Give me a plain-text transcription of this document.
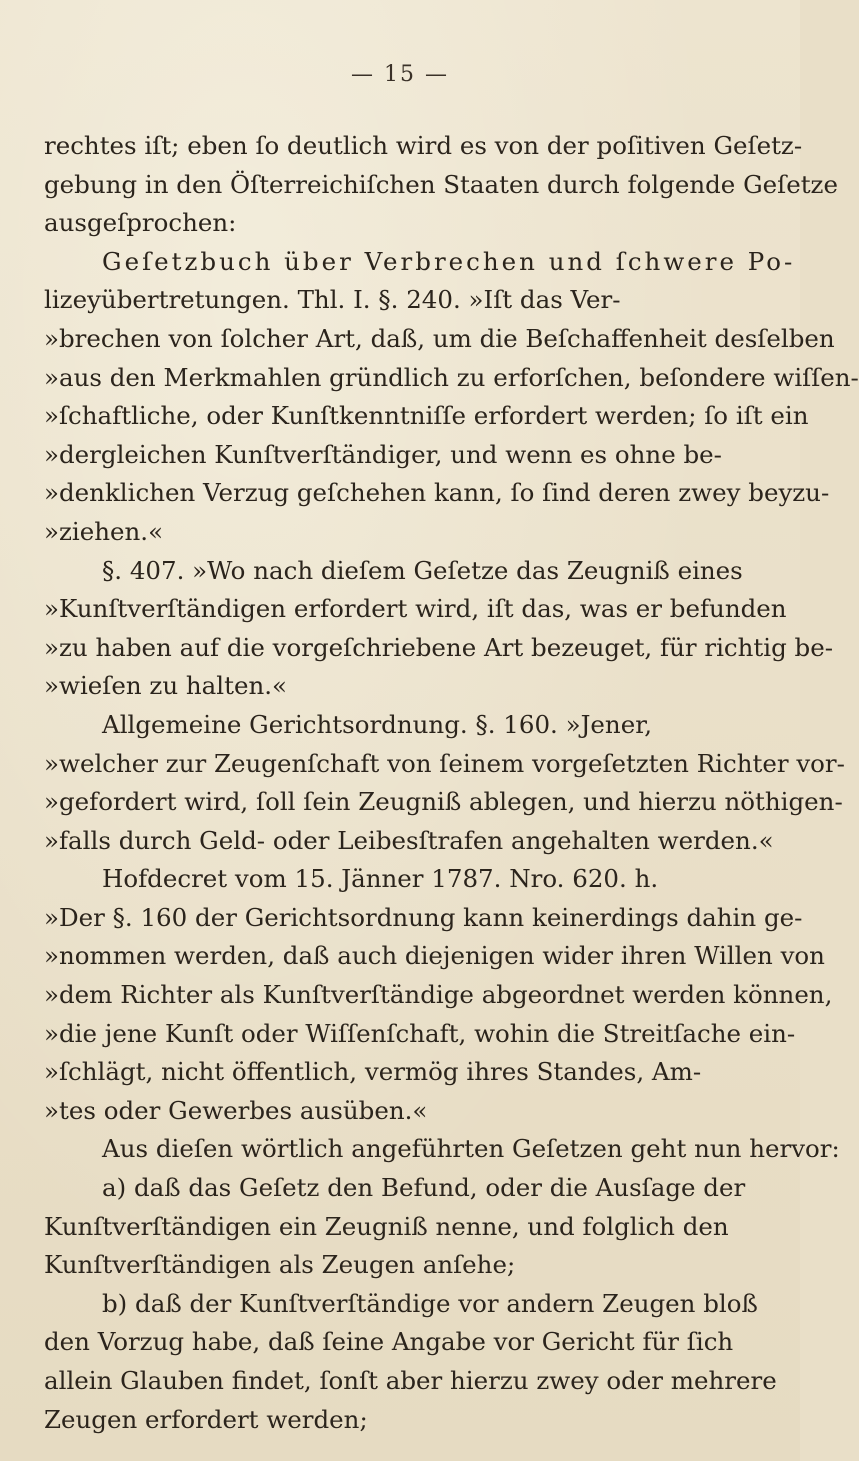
— 15 —
rechtes iſt; eben ſo deutlich wird es von der poſitiven Geſetz-
gebung in den Öſterreichiſchen Staaten durch folgende Geſetze
ausgeſprochen:
Geſetzbuch über Verbrechen und ſchwere Po-
lizeyübertretungen. Thl. I. §. 240. »Iſt das Ver-
»brechen von ſolcher Art, daß, um die Beſchaffenheit desſelben
»aus den Merkmahlen gründlich zu erforſchen, beſondere wiſſen-
»ſchaftliche, oder Kunſtkenntniſſe erfordert werden; ſo iſt ein
»dergleichen Kunſtverſtändiger, und wenn es ohne be-
»denklichen Verzug geſchehen kann, ſo ſind deren zwey beyzu-
»ziehen.«
§. 407. »Wo nach dieſem Geſetze das Zeugniß eines
»Kunſtverſtändigen erfordert wird, iſt das, was er befunden
»zu haben auf die vorgeſchriebene Art bezeuget, für richtig be-
»wieſen zu halten.«
Allgemeine Gerichtsordnung. §. 160. »Jener,
»welcher zur Zeugenſchaft von ſeinem vorgeſetzten Richter vor-
»gefordert wird, ſoll ſein Zeugniß ablegen, und hierzu nöthigen-
»falls durch Geld- oder Leibesſtrafen angehalten werden.«
Hofdecret vom 15. Jänner 1787. Nro. 620. h.
»Der §. 160 der Gerichtsordnung kann keinerdings dahin ge-
»nommen werden, daß auch diejenigen wider ihren Willen von
»dem Richter als Kunſtverſtändige abgeordnet werden können,
»die jene Kunſt oder Wiſſenſchaft, wohin die Streitſache ein-
»ſchlägt, nicht öffentlich, vermög ihres Standes, Am-
»tes oder Gewerbes ausüben.«
Aus dieſen wörtlich angeführten Geſetzen geht nun hervor:
a) daß das Geſetz den Befund, oder die Ausſage der
Kunſtverſtändigen ein Zeugniß nenne, und folglich den
Kunſtverſtändigen als Zeugen anſehe;
b) daß der Kunſtverſtändige vor andern Zeugen bloß
den Vorzug habe, daß ſeine Angabe vor Gericht für ſich
allein Glauben findet, ſonſt aber hierzu zwey oder mehrere
Zeugen erfordert werden;
